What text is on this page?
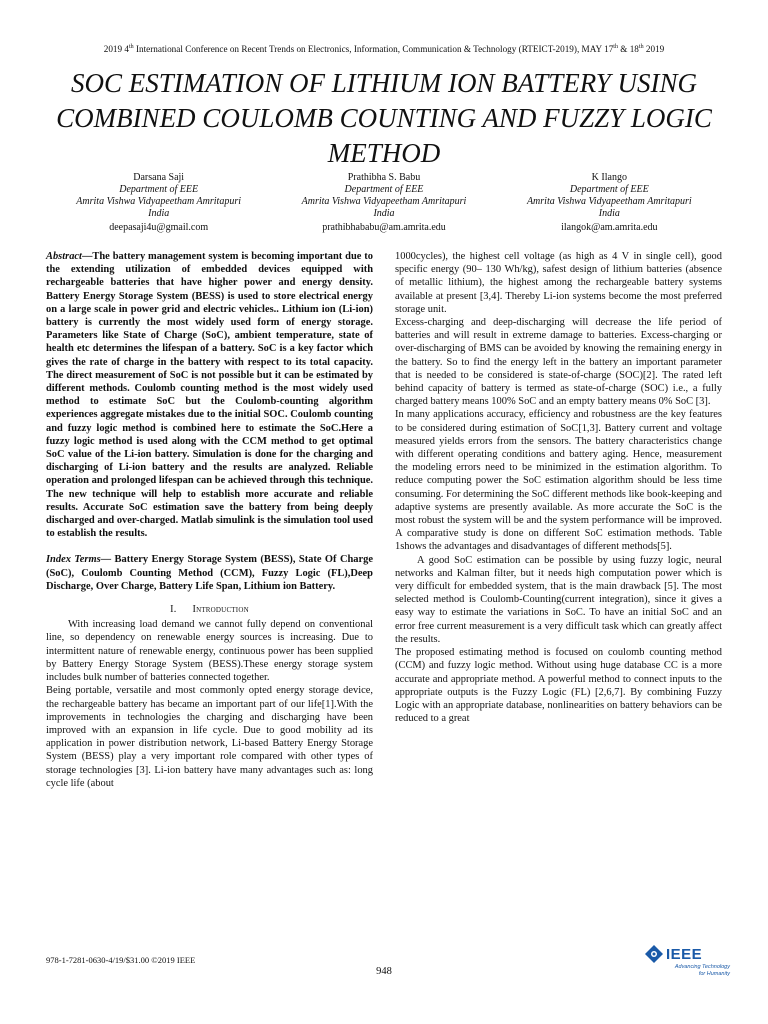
2019 4th International Conference on Recent Trends on Electronics, Information, Communication & Technology (RTEICT-2019), MAY 17th & 18th 2019
SOC ESTIMATION OF LITHIUM ION BATTERY USING COMBINED COULOMB COUNTING AND FUZZY LOGIC METHOD
Darsana Saji
Department of EEE
Amrita Vishwa Vidyapeetham Amritapuri
India
deepasaji4u@gmail.com
Prathibha S. Babu
Department of EEE
Amrita Vishwa Vidyapeetham Amritapuri
India
prathibhababu@am.amrita.edu
K Ilango
Department of EEE
Amrita Vishwa Vidyapeetham Amritapuri
India
ilangok@am.amrita.edu

Abstract—The battery management system is becoming important due to the extending utilization of embedded devices equipped with rechargeable batteries that have higher power and energy density. Battery Energy Storage System (BESS) is used to store electrical energy on a large scale in power grid and electric vehicles.. Lithium ion (Li-ion) battery is currently the most widely used form of energy storage. Parameters like State of Charge (SoC), ambient temperature, state of health etc determines the lifespan of a battery. SoC is a key factor which gives the rate of charge in the battery with respect to its total capacity. The direct measurement of SoC is not possible but it can be estimated by different methods. Coulomb counting method is the most widely used method to estimate SoC but the Coulomb-counting algorithm experiences aggregate mistakes due to the initial SOC. Coulomb counting and fuzzy logic method is combined here to estimate the SoC.Here a fuzzy logic method is used along with the CCM method to get optimal SoC value of the Li-ion battery. Simulation is done for the charging and discharging of Li-ion battery and the results are analyzed. Reliable operation and prolonged lifespan can be achieved through this technique. The new technique will help to establish more accurate and reliable results. Accurate SoC estimation save the battery from being deeply discharged and over-charged. Matlab simulink is the simulation tool used to establish the results.

Index Terms— Battery Energy Storage System (BESS), State Of Charge (SoC), Coulomb Counting Method (CCM), Fuzzy Logic (FL),Deep Discharge, Over Charge, Battery Life Span, Lithium ion Battery.

I. Introduction

With increasing load demand we cannot fully depend on conventional line, so dependency on renewable energy sources is increasing. Due to intermittent nature of renewable energy, continuous power has been supplied by Battery Energy Storage System (BESS).These energy storage system includes bulk number of batteries connected together.

Being portable, versatile and most commonly opted energy storage device, the rechargeable battery has became an important part of our life[1].With the improvements in technologies the charging and discharging have been improved with an expansion in life cycle. Due to good mobility ad its application in power distribution network, Li-based Battery Energy Storage System (BESS) play a very important role compared with other types of storage technologies [3]. Li-ion battery have many advantages such as: long cycle life (about

1000cycles), the highest cell voltage (as high as 4 V in single cell), good specific energy (90– 130 Wh/kg), safest design of lithium batteries (absence of metallic lithium), the highest among the rechargeable battery systems available at present [3,4]. Thereby Li-ion systems become the most preferred storage unit.

Excess-charging and deep-discharging will decrease the life period of batteries and will result in extreme damage to batteries. Excess-charging or over-discharging of BMS can be avoided by knowing the remaining energy in the battery. So to find the energy left in the battery an important parameter that is needed to be considered is state-of-charge (SOC)[2]. The rated left behind capacity of battery is termed as state-of-charge (SOC) i.e., a fully charged battery means 100% SoC and an empty battery means 0% SoC [3].

In many applications accuracy, efficiency and robustness are the key features to be considered during estimation of SoC[1,3]. Battery current and voltage measured yields errors from the sensors. The battery characteristics change with different operating conditions and battery aging. Hence, measurement the modeling errors need to be minimized in the estimation algorithm. To reduce computing power the SoC estimation algorithm should be less time consuming. For determining the SoC different methods like book-keeping and adaptive systems are presently available. As more accurate the SoC is the most robust the system will be and the system performance will be improved. A comparative study is done on different SoC estimation methods. Table 1shows the advantages and disadvantages of different methods[5].

A good SoC estimation can be possible by using fuzzy logic, neural networks and Kalman filter, but it needs high computation power which is very difficult for embedded system, that is the main drawback [5]. The most selected method is Coulomb-Counting(current integration), since it gives a easy way to estimate the variations in SoC. To have an initial SoC and an error free current measurement is a very difficult task which can greatly affect the results.

The proposed estimating method is focused on coulomb counting method (CCM) and fuzzy logic method. Without using huge database CC is a more accurate and appropriate method. A powerful method to connect inputs to the appropriate outputs is the Fuzzy Logic (FL) [2,6,7]. By combining Fuzzy Logic with an appropriate database, nonlinearities on battery behaviors can be reduced to a great

978-1-7281-0630-4/19/$31.00 ©2019 IEEE
948
IEEE
Advancing Technology
for Humanity
